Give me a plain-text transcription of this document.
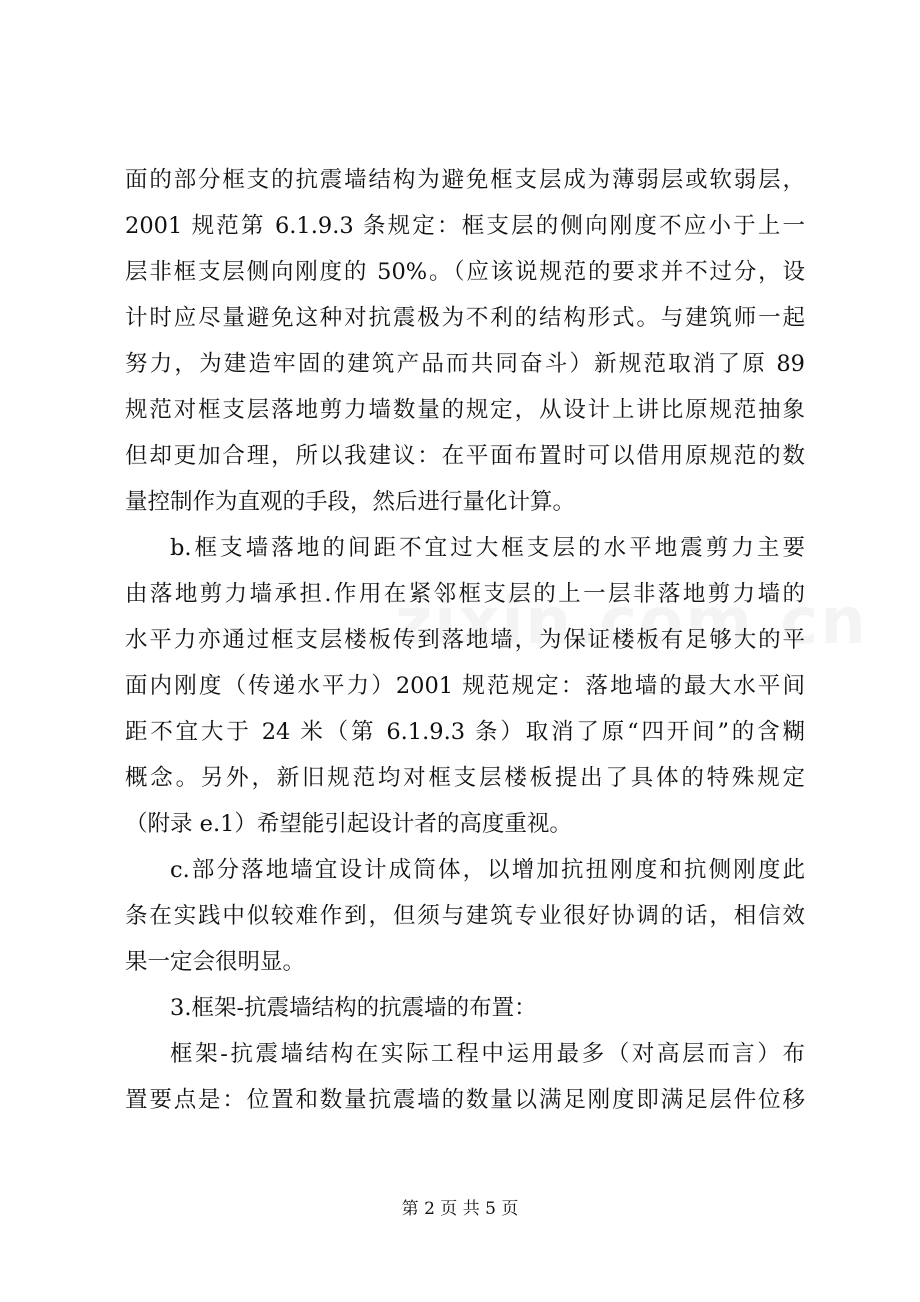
面的部分框支的抗震墙结构为避免框支层成为薄弱层或软弱层，
2001 规范第 6.1.9.3 条规定：框支层的侧向刚度不应小于上一
层非框支层侧向刚度的 50%。（应该说规范的要求并不过分，设
计时应尽量避免这种对抗震极为不利的结构形式。与建筑师一起
努力，为建造牢固的建筑产品而共同奋斗）新规范取消了原 89
规范对框支层落地剪力墙数量的规定，从设计上讲比原规范抽象
但却更加合理，所以我建议：在平面布置时可以借用原规范的数
量控制作为直观的手段，然后进行量化计算。
b.框支墙落地的间距不宜过大框支层的水平地震剪力主要
由落地剪力墙承担.作用在紧邻框支层的上一层非落地剪力墙的
水平力亦通过框支层楼板传到落地墙，为保证楼板有足够大的平
面内刚度（传递水平力）2001 规范规定：落地墙的最大水平间
距不宜大于 24 米（第 6.1.9.3 条）取消了原“四开间”的含糊
概念。另外，新旧规范均对框支层楼板提出了具体的特殊规定
（附录 e.1）希望能引起设计者的高度重视。
c.部分落地墙宜设计成筒体，以增加抗扭刚度和抗侧刚度此
条在实践中似较难作到，但须与建筑专业很好协调的话，相信效
果一定会很明显。
3.框架-抗震墙结构的抗震墙的布置：
框架-抗震墙结构在实际工程中运用最多（对高层而言）布
置要点是：位置和数量抗震墙的数量以满足刚度即满足层件位移
第 2 页 共 5 页
